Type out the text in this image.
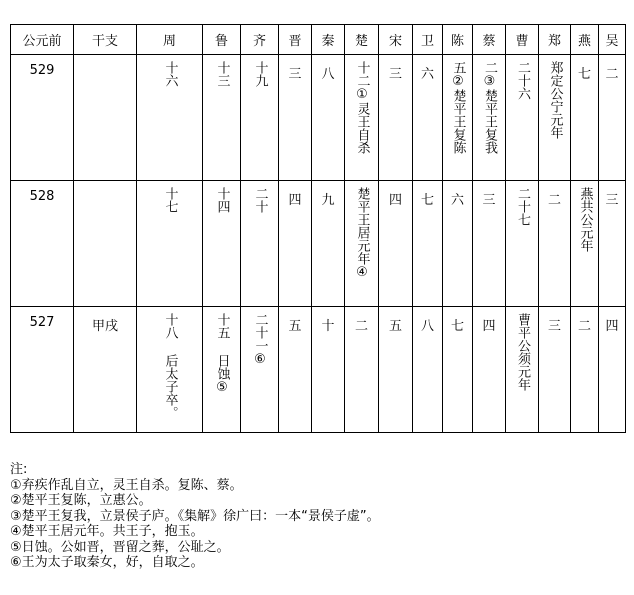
公元前	干支	周	鲁	齐	晋	秦	楚	宋	卫	陈	蔡	曹	郑	燕	吴

529		十六	十三	十九	三	八	十二①灵王自杀	三	六	五②楚平王复陈	二③楚平王复我	二十六	郑定公宁元年	七	二

528		十七	十四	二十	四	九	楚平王居元年④	四	七	六	三	二十七	二	燕共公元年	三

527	甲戌	十八 后太子卒。	十五 日蚀⑤	二十一⑥	五	十	二	五	八	七	四	曹平公须元年	三	二	四
注:
①弃疾作乱自立，灵王自杀。复陈、蔡。
②楚平王复陈，立惠公。
③楚平王复我，立景侯子庐。《集解》徐广曰：一本“景侯子虚”。
④楚平王居元年。共王子，抱玉。
⑤日蚀。公如晋，晋留之葬，公耻之。
⑥王为太子取秦女，好，自取之。
